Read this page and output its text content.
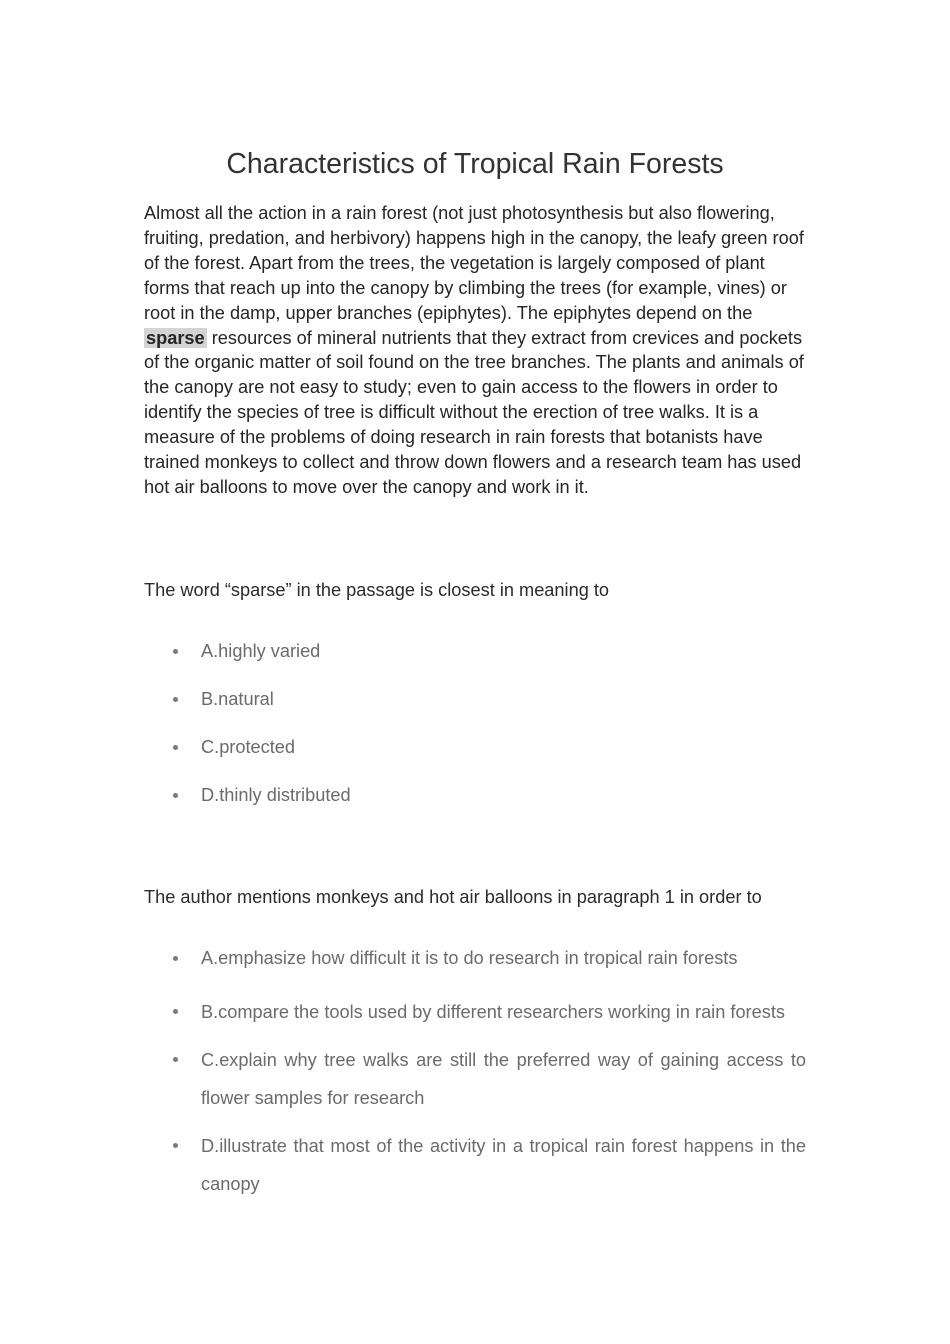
Characteristics of Tropical Rain Forests

Almost all the action in a rain forest (not just photosynthesis but also flowering, fruiting, predation, and herbivory) happens high in the canopy, the leafy green roof of the forest. Apart from the trees, the vegetation is largely composed of plant forms that reach up into the canopy by climbing the trees (for example, vines) or root in the damp, upper branches (epiphytes). The epiphytes depend on the sparse resources of mineral nutrients that they extract from crevices and pockets of the organic matter of soil found on the tree branches. The plants and animals of the canopy are not easy to study; even to gain access to the flowers in order to identify the species of tree is difficult without the erection of tree walks. It is a measure of the problems of doing research in rain forests that botanists have trained monkeys to collect and throw down flowers and a research team has used hot air balloons to move over the canopy and work in it.

The word “sparse” in the passage is closest in meaning to

A.highly varied
B.natural
C.protected
D.thinly distributed

The author mentions monkeys and hot air balloons in paragraph 1 in order to

A.emphasize how difficult it is to do research in tropical rain forests
B.compare the tools used by different researchers working in rain forests
C.explain why tree walks are still the preferred way of gaining access to flower samples for research
D.illustrate that most of the activity in a tropical rain forest happens in the canopy
